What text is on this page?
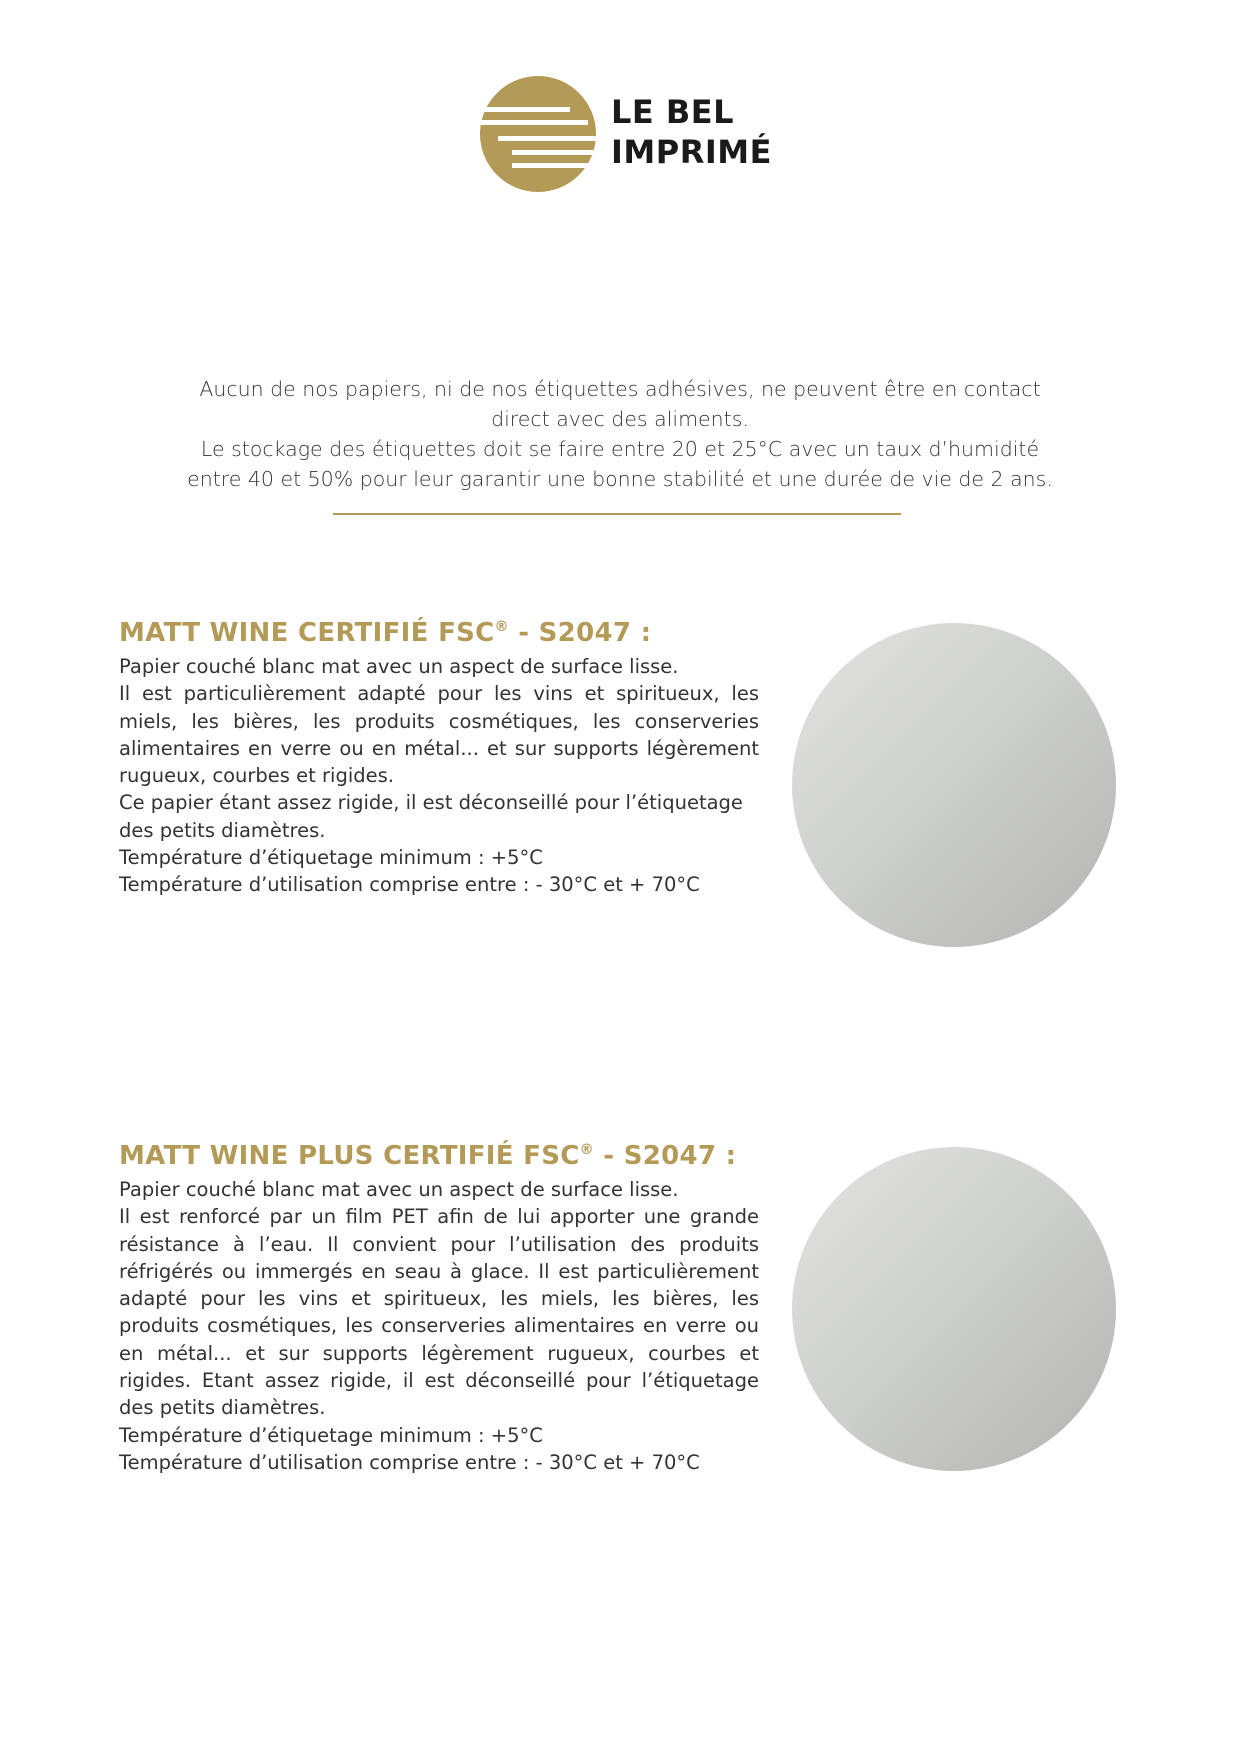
LE BEL
IMPRIMÉ
Aucun de nos papiers, ni de nos étiquettes adhésives, ne peuvent être en contact
direct avec des aliments.
Le stockage des étiquettes doit se faire entre 20 et 25°C avec un taux d’humidité
entre 40 et 50% pour leur garantir une bonne stabilité et une durée de vie de 2 ans.
MATT WINE CERTIFIÉ FSC® - S2047 :

Papier couché blanc mat avec un aspect de surface lisse.

Il est particulièrement adapté pour les vins et spiritueux, les miels, les bières, les produits cosmétiques, les conserveries alimentaires en verre ou en métal... et sur supports légèrement rugueux, courbes et rigides.

Ce papier étant assez rigide, il est déconseillé pour l’étiquetage des petits diamètres.

Température d’étiquetage minimum : +5°C

Température d’utilisation comprise entre : - 30°C et + 70°C

MATT WINE PLUS CERTIFIÉ FSC® - S2047 :

Papier couché blanc mat avec un aspect de surface lisse.

Il est renforcé par un film PET afin de lui apporter une grande résistance à l’eau. Il convient pour l’utilisation des produits réfrigérés ou immergés en seau à glace. Il est particulièrement adapté pour les vins et spiritueux, les miels, les bières, les produits cosmétiques, les conserveries alimentaires en verre ou en métal... et sur supports légèrement rugueux, courbes et rigides. Etant assez rigide, il est déconseillé pour l’étiquetage des petits diamètres.

Température d’étiquetage minimum : +5°C

Température d’utilisation comprise entre : - 30°C et + 70°C
